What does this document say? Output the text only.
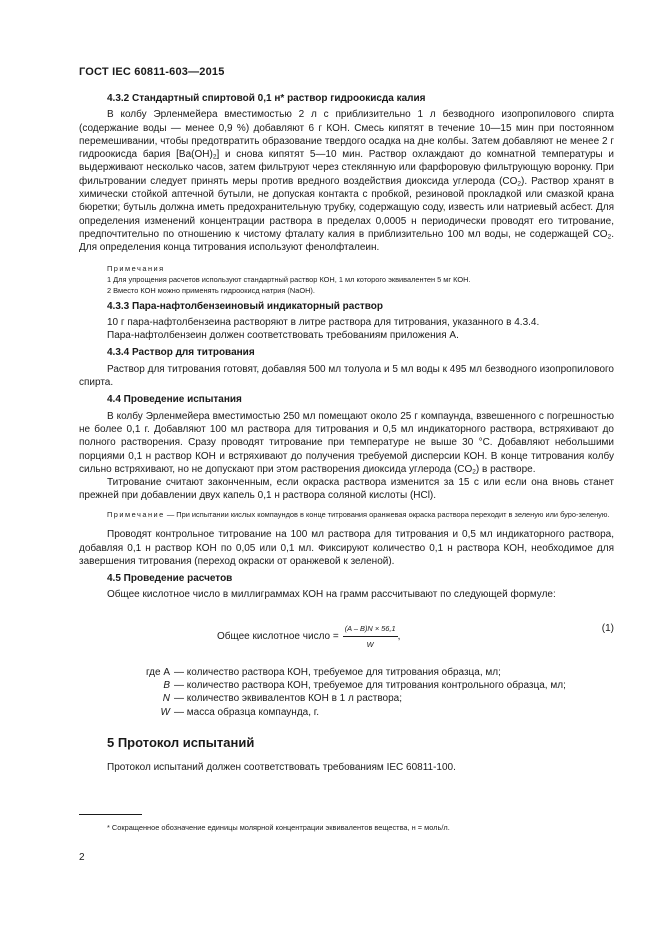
ГОСТ IEC 60811-603—2015
4.3.2 Стандартный спиртовой 0,1 н* раствор гидроокисда калия

В колбу Эрленмейера вместимостью 2 л с приблизительно 1 л безводного изопропилового спирта (содержание воды — менее 0,9 %) добавляют 6 г КОН. Смесь кипятят в течение 10—15 мин при постоянном перемешивании, чтобы предотвратить образование твердого осадка на дне колбы. Затем добавляют не менее 2 г гидроокисда бария $[Ba(OH)_2]$ и снова кипятят 5—10 мин. Раствор охлаждают до комнатной температуры и выдерживают несколько часов, затем фильтруют через стеклянную или фарфоровую фильтрующую воронку. При фильтровании следует принять меры против вредного воздействия диоксида углерода $(CO_2)$. Раствор хранят в химически стойкой аптечной бутыли, не допуская контакта с пробкой, резиновой прокладкой или смазкой крана бюретки; бутыль должна иметь предохранительную трубку, содержащую соду, известь или натриевый асбест. Для определения изменений концентрации раствора в пределах 0,0005 н периодически проводят его титрование, предпочтительно по отношению к чистому фталату калия в приблизительно 100 мл воды, не содержащей $CO_2$. Для определения конца титрования используют фенолфталеин.

Примечания
1 Для упрощения расчетов используют стандартный раствор КОН, 1 мл которого эквивалентен 5 мг КОН.
2 Вместо КОН можно применять гидроокисд натрия (NaOH).
4.3.3 Пара-нафтолбензеиновый индикаторный раствор

10 г пара-нафтолбензеина растворяют в литре раствора для титрования, указанного в 4.3.4.

Пара-нафтолбензеин должен соответствовать требованиям приложения А.

4.3.4 Раствор для титрования

Раствор для титрования готовят, добавляя 500 мл толуола и 5 мл воды к 495 мл безводного изопропилового спирта.

4.4 Проведение испытания

В колбу Эрленмейера вместимостью 250 мл помещают около 25 г компаунда, взвешенного с погрешностью не более 0,1 г. Добавляют 100 мл раствора для титрования и 0,5 мл индикаторного раствора, встряхивают до полного растворения. Сразу проводят титрование при температуре не выше 30 °С. Добавляют небольшими порциями 0,1 н раствор КОН и встряхивают до получения требуемой дисперсии КОН. В конце титрования колбу сильно встряхивают, но не допускают при этом растворения диоксида углерода $(CO_2)$ в растворе.

Титрование считают законченным, если окраска раствора изменится за 15 с или если она вновь станет прежней при добавлении двух капель 0,1 н раствора соляной кислоты (HCl).

Примечание — При испытании кислых компаундов в конце титрования оранжевая окраска раствора переходит в зеленую или буро-зеленую.

Проводят контрольное титрование на 100 мл раствора для титрования и 0,5 мл индикаторного раствора, добавляя 0,1 н раствор КОН по 0,05 или 0,1 мл. Фиксируют количество 0,1 н раствора КОН, необходимое для завершения титрования (переход окраски от оранжевой к зеленой).

4.5 Проведение расчетов

Общее кислотное число в миллиграммах КОН на грамм рассчитывают по следующей формуле:

Общее кислотное число = $\frac{(A - B)N \times 56,1}{W}$ ,
(1)
где A — количество раствора КОН, требуемое для титрования образца, мл;
B — количество раствора КОН, требуемое для титрования контрольного образца, мл;
N — количество эквивалентов КОН в 1 л раствора;
W — масса образца компаунда, г.
5 Протокол испытаний

Протокол испытаний должен соответствовать требованиям IEC 60811-100.

* Сокращенное обозначение единицы молярной концентрации эквивалентов вещества, н = моль/л.
2
